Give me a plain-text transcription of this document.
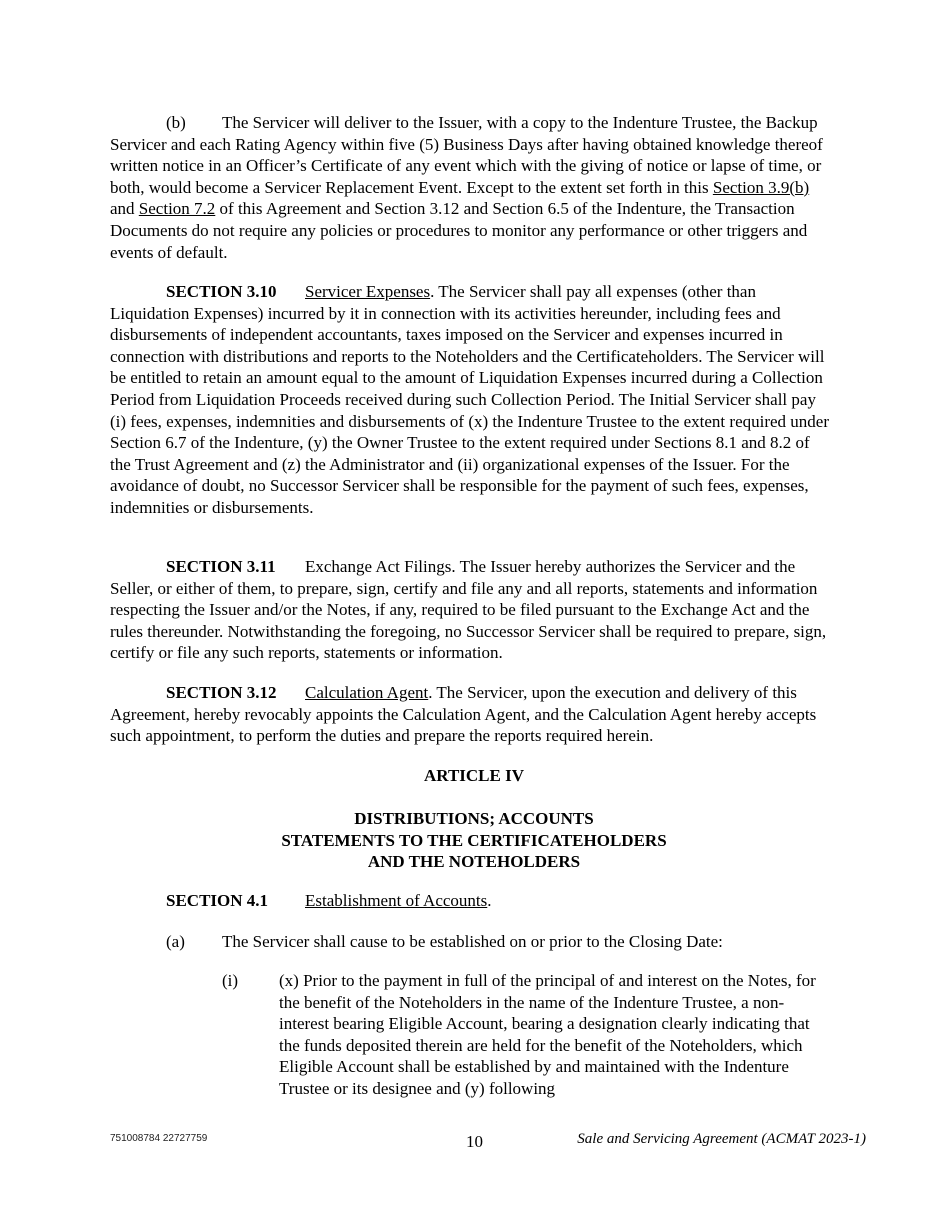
(b) The Servicer will deliver to the Issuer, with a copy to the Indenture Trustee, the Backup Servicer and each Rating Agency within five (5) Business Days after having obtained knowledge thereof written notice in an Officer’s Certificate of any event which with the giving of notice or lapse of time, or both, would become a Servicer Replacement Event. Except to the extent set forth in this Section 3.9(b) and Section 7.2 of this Agreement and Section 3.12 and Section 6.5 of the Indenture, the Transaction Documents do not require any policies or procedures to monitor any performance or other triggers and events of default.

SECTION 3.10 Servicer Expenses. The Servicer shall pay all expenses (other than Liquidation Expenses) incurred by it in connection with its activities hereunder, including fees and disbursements of independent accountants, taxes imposed on the Servicer and expenses incurred in connection with distributions and reports to the Noteholders and the Certificateholders. The Servicer will be entitled to retain an amount equal to the amount of Liquidation Expenses incurred during a Collection Period from Liquidation Proceeds received during such Collection Period. The Initial Servicer shall pay (i) fees, expenses, indemnities and disbursements of (x) the Indenture Trustee to the extent required under Section 6.7 of the Indenture, (y) the Owner Trustee to the extent required under Sections 8.1 and 8.2 of the Trust Agreement and (z) the Administrator and (ii) organizational expenses of the Issuer. For the avoidance of doubt, no Successor Servicer shall be responsible for the payment of such fees, expenses, indemnities or disbursements.

SECTION 3.11 Exchange Act Filings. The Issuer hereby authorizes the Servicer and the Seller, or either of them, to prepare, sign, certify and file any and all reports, statements and information respecting the Issuer and/or the Notes, if any, required to be filed pursuant to the Exchange Act and the rules thereunder. Notwithstanding the foregoing, no Successor Servicer shall be required to prepare, sign, certify or file any such reports, statements or information.

SECTION 3.12 Calculation Agent. The Servicer, upon the execution and delivery of this Agreement, hereby revocably appoints the Calculation Agent, and the Calculation Agent hereby accepts such appointment, to perform the duties and prepare the reports required herein.

ARTICLE IV

DISTRIBUTIONS; ACCOUNTS

STATEMENTS TO THE CERTIFICATEHOLDERS

AND THE NOTEHOLDERS

SECTION 4.1 Establishment of Accounts.

(a) The Servicer shall cause to be established on or prior to the Closing Date:
(i) (x) Prior to the payment in full of the principal of and interest on the Notes, for the benefit of the Noteholders in the name of the Indenture Trustee, a non-interest bearing Eligible Account, bearing a designation clearly indicating that the funds deposited therein are held for the benefit of the Noteholders, which Eligible Account shall be established by and maintained with the Indenture Trustee or its designee and (y) following

751008784 22727759	10	Sale and Servicing Agreement (ACMAT 2023-1)
